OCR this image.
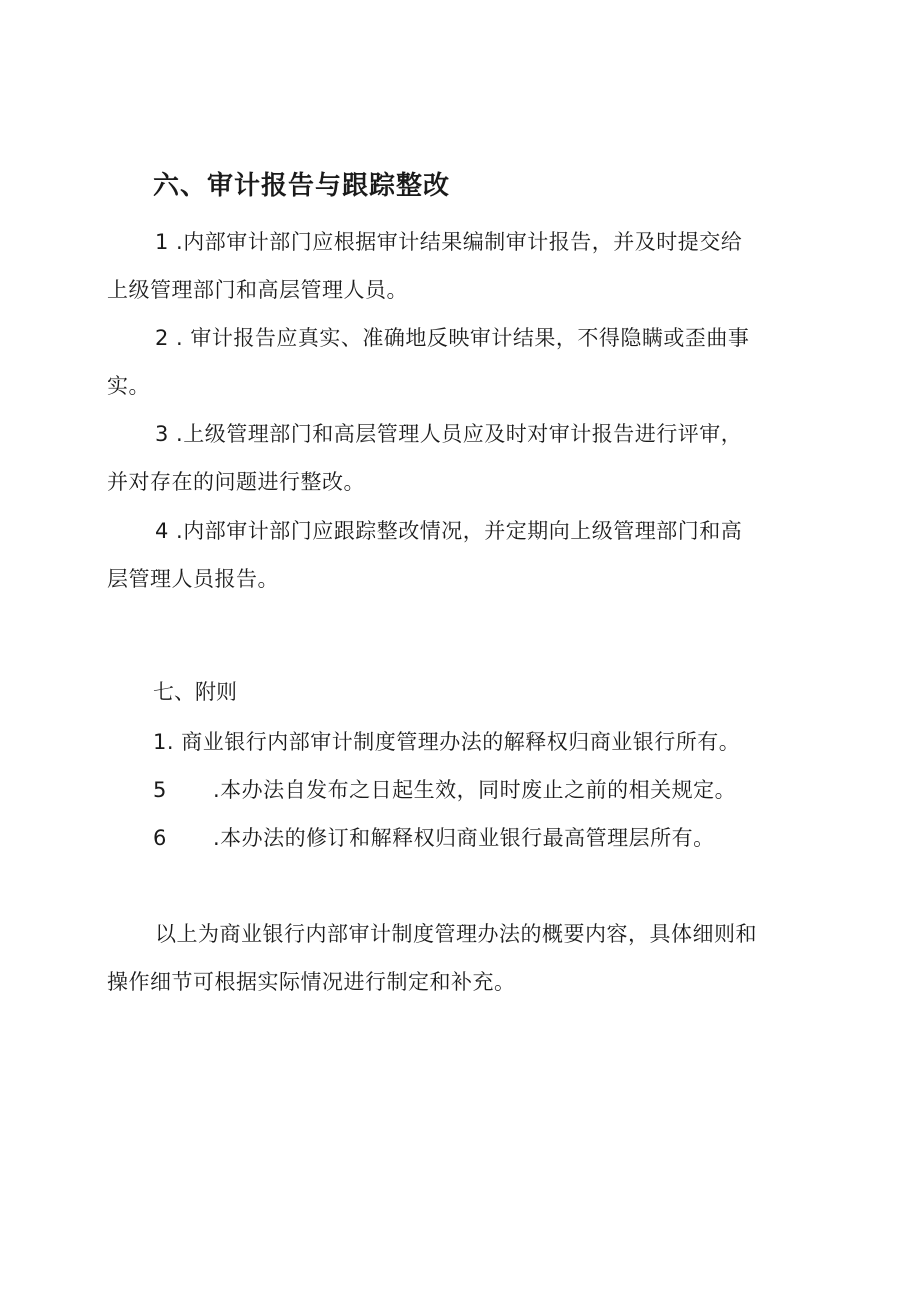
六、审计报告与跟踪整改
1 .内部审计部门应根据审计结果编制审计报告，并及时提交给
上级管理部门和高层管理人员。
2 . 审计报告应真实、准确地反映审计结果，不得隐瞒或歪曲事
实。
3 .上级管理部门和高层管理人员应及时对审计报告进行评审，
并对存在的问题进行整改。
4 .内部审计部门应跟踪整改情况，并定期向上级管理部门和高
层管理人员报告。
七、附则
1. 商业银行内部审计制度管理办法的解释权归商业银行所有。
5 .本办法自发布之日起生效，同时废止之前的相关规定。
6 .本办法的修订和解释权归商业银行最高管理层所有。
以上为商业银行内部审计制度管理办法的概要内容，具体细则和
操作细节可根据实际情况进行制定和补充。
